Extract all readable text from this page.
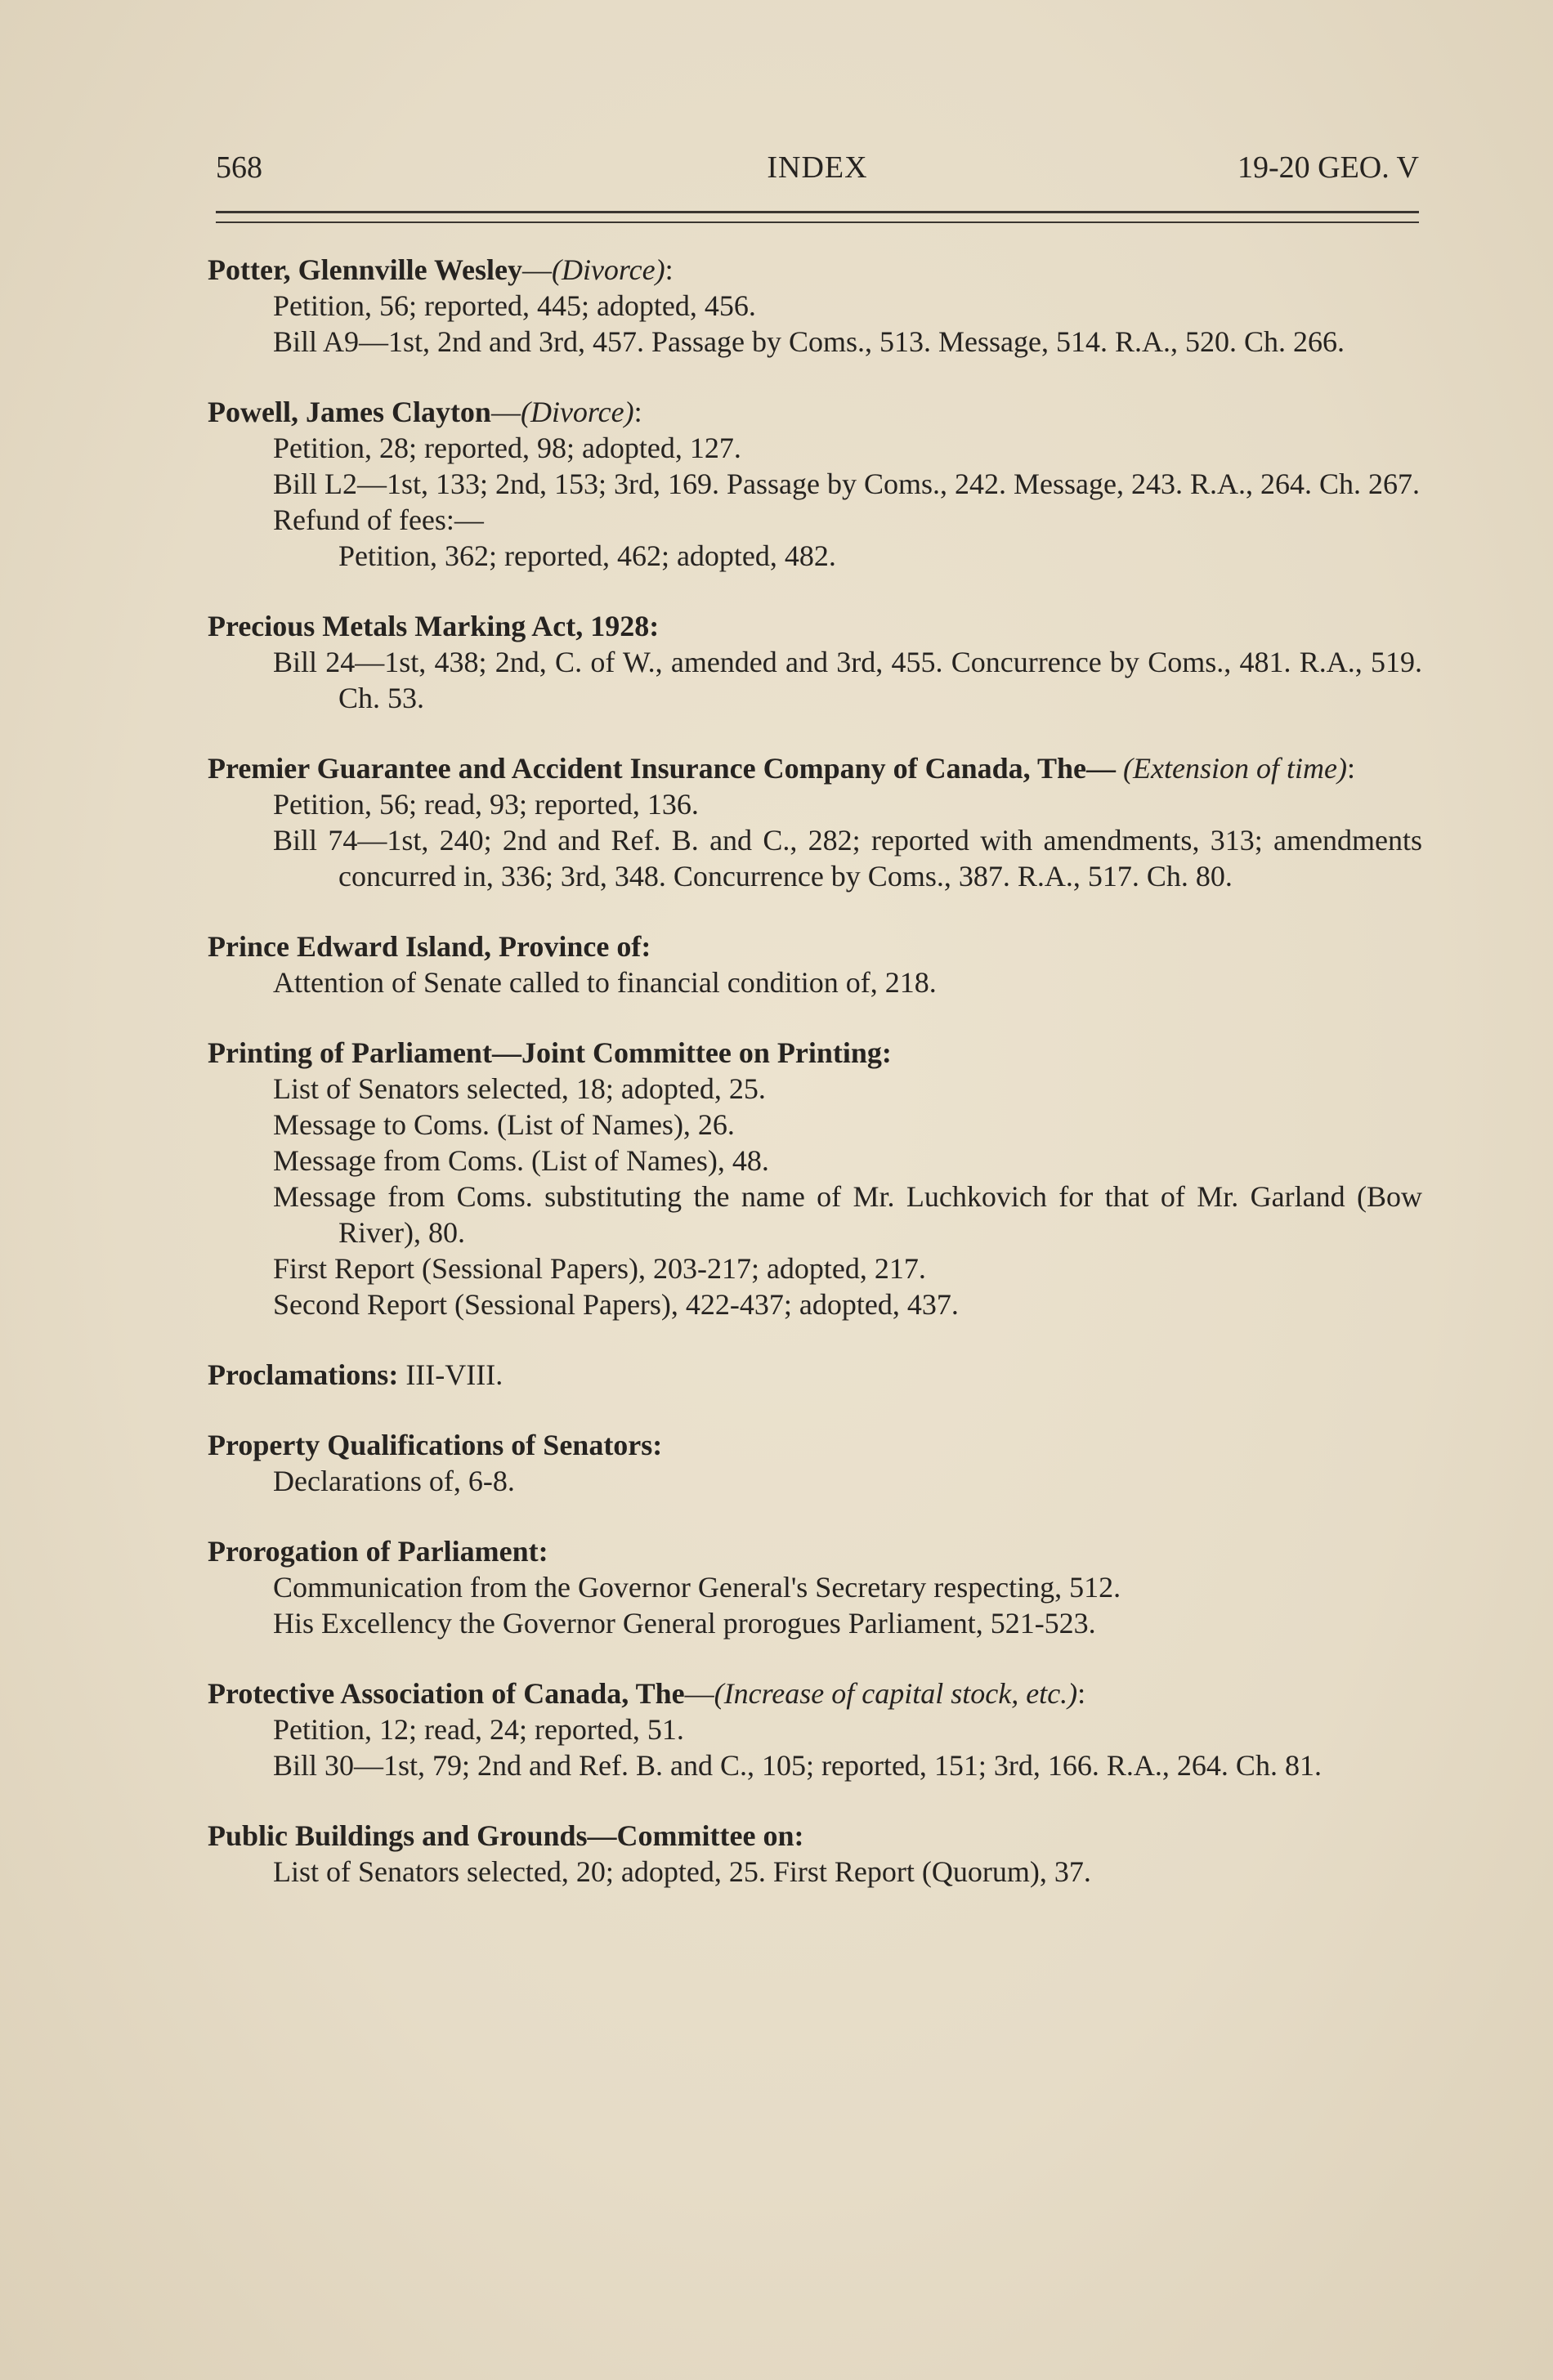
568	INDEX	19-20 GEO. V
Potter, Glennville Wesley—(Divorce):
Petition, 56; reported, 445; adopted, 456.
Bill A9—1st, 2nd and 3rd, 457. Passage by Coms., 513. Message, 514. R.A., 520. Ch. 266.
Powell, James Clayton—(Divorce):
Petition, 28; reported, 98; adopted, 127.
Bill L2—1st, 133; 2nd, 153; 3rd, 169. Passage by Coms., 242. Message, 243. R.A., 264. Ch. 267.
Refund of fees:—
Petition, 362; reported, 462; adopted, 482.
Precious Metals Marking Act, 1928:
Bill 24—1st, 438; 2nd, C. of W., amended and 3rd, 455. Concurrence by Coms., 481. R.A., 519. Ch. 53.
Premier Guarantee and Accident Insurance Company of Canada, The— (Extension of time):
Petition, 56; read, 93; reported, 136.
Bill 74—1st, 240; 2nd and Ref. B. and C., 282; reported with amendments, 313; amendments concurred in, 336; 3rd, 348. Concurrence by Coms., 387. R.A., 517. Ch. 80.
Prince Edward Island, Province of:
Attention of Senate called to financial condition of, 218.
Printing of Parliament—Joint Committee on Printing:
List of Senators selected, 18; adopted, 25.
Message to Coms. (List of Names), 26.
Message from Coms. (List of Names), 48.
Message from Coms. substituting the name of Mr. Luchkovich for that of Mr. Garland (Bow River), 80.
First Report (Sessional Papers), 203-217; adopted, 217.
Second Report (Sessional Papers), 422-437; adopted, 437.
Proclamations: III-VIII.
Property Qualifications of Senators:
Declarations of, 6-8.
Prorogation of Parliament:
Communication from the Governor General's Secretary respecting, 512.
His Excellency the Governor General prorogues Parliament, 521-523.
Protective Association of Canada, The—(Increase of capital stock, etc.):
Petition, 12; read, 24; reported, 51.
Bill 30—1st, 79; 2nd and Ref. B. and C., 105; reported, 151; 3rd, 166. R.A., 264. Ch. 81.
Public Buildings and Grounds—Committee on:
List of Senators selected, 20; adopted, 25. First Report (Quorum), 37.
